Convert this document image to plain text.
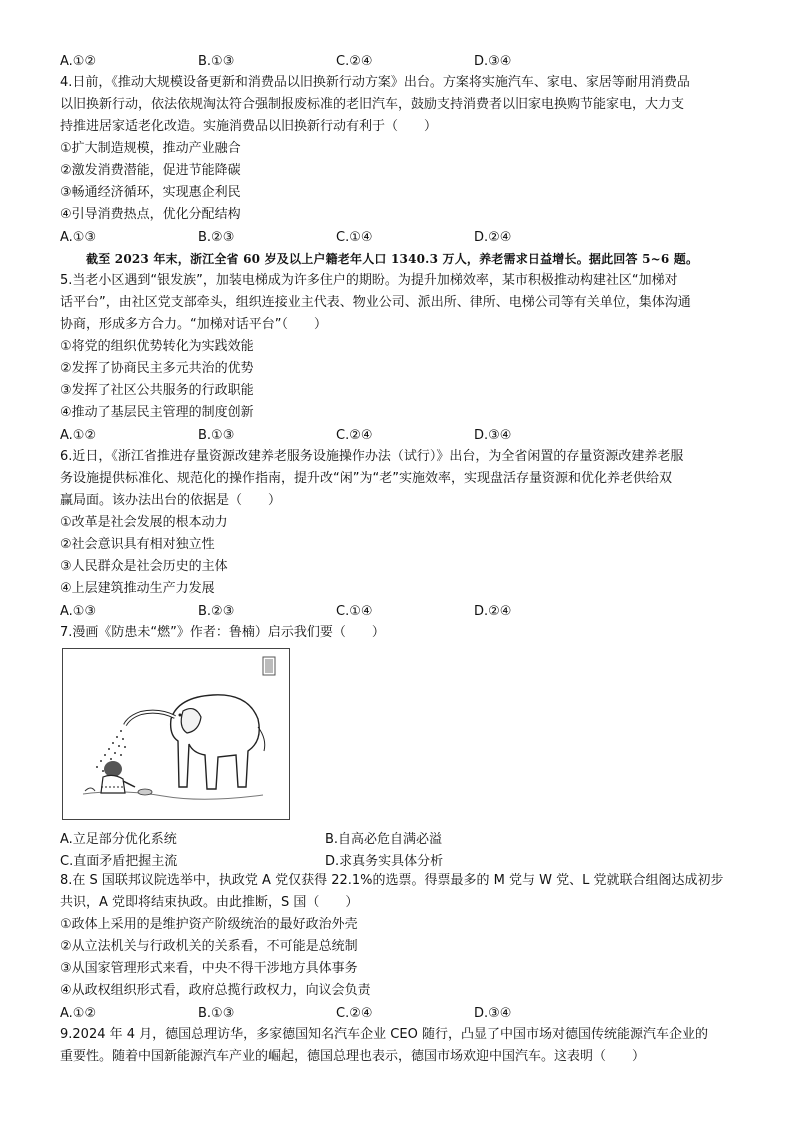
A.①②	B.①③	C.②④	D.③④
4.日前，《推动大规模设备更新和消费品以旧换新行动方案》出台。方案将实施汽车、家电、家居等耐用消费品
以旧换新行动，依法依规淘汰符合强制报废标准的老旧汽车，鼓励支持消费者以旧家电换购节能家电，大力支
持推进居家适老化改造。实施消费品以旧换新行动有利于（　　）
①扩大制造规模，推动产业融合
②激发消费潜能，促进节能降碳
③畅通经济循环，实现惠企利民
④引导消费热点，优化分配结构
A.①③	B.②③	C.①④	D.②④
截至 2023 年末，浙江全省 60 岁及以上户籍老年人口 1340.3 万人，养老需求日益增长。据此回答 5~6 题。
5.当老小区遇到“银发族”，加装电梯成为许多住户的期盼。为提升加梯效率，某市积极推动构建社区“加梯对
话平台”，由社区党支部牵头，组织连接业主代表、物业公司、派出所、律所、电梯公司等有关单位，集体沟通
协商，形成多方合力。“加梯对话平台”（　　）
①将党的组织优势转化为实践效能
②发挥了协商民主多元共治的优势
③发挥了社区公共服务的行政职能
④推动了基层民主管理的制度创新
A.①②	B.①③	C.②④	D.③④
6.近日，《浙江省推进存量资源改建养老服务设施操作办法（试行）》出台，为全省闲置的存量资源改建养老服
务设施提供标准化、规范化的操作指南，提升改“闲”为“老”实施效率，实现盘活存量资源和优化养老供给双
赢局面。该办法出台的依据是（　　）
①改革是社会发展的根本动力
②社会意识具有相对独立性
③人民群众是社会历史的主体
④上层建筑推动生产力发展
A.①③	B.②③	C.①④	D.②④
7.漫画《防患未“燃”》作者：鲁楠）启示我们要（　　）
A.立足部分优化系统	B.自高必危自满必溢
C.直面矛盾把握主流	D.求真务实具体分析
8.在 S 国联邦议院选举中，执政党 A 党仅获得 22.1%的选票。得票最多的 M 党与 W 党、L 党就联合组阁达成初步
共识，A 党即将结束执政。由此推断，S 国（　　）
①政体上采用的是维护资产阶级统治的最好政治外壳
②从立法机关与行政机关的关系看，不可能是总统制
③从国家管理形式来看，中央不得干涉地方具体事务
④从政权组织形式看，政府总揽行政权力，向议会负责
A.①②	B.①③	C.②④	D.③④
9.2024 年 4 月，德国总理访华，多家德国知名汽车企业 CEO 随行，凸显了中国市场对德国传统能源汽车企业的
重要性。随着中国新能源汽车产业的崛起，德国总理也表示，德国市场欢迎中国汽车。这表明（　　）
